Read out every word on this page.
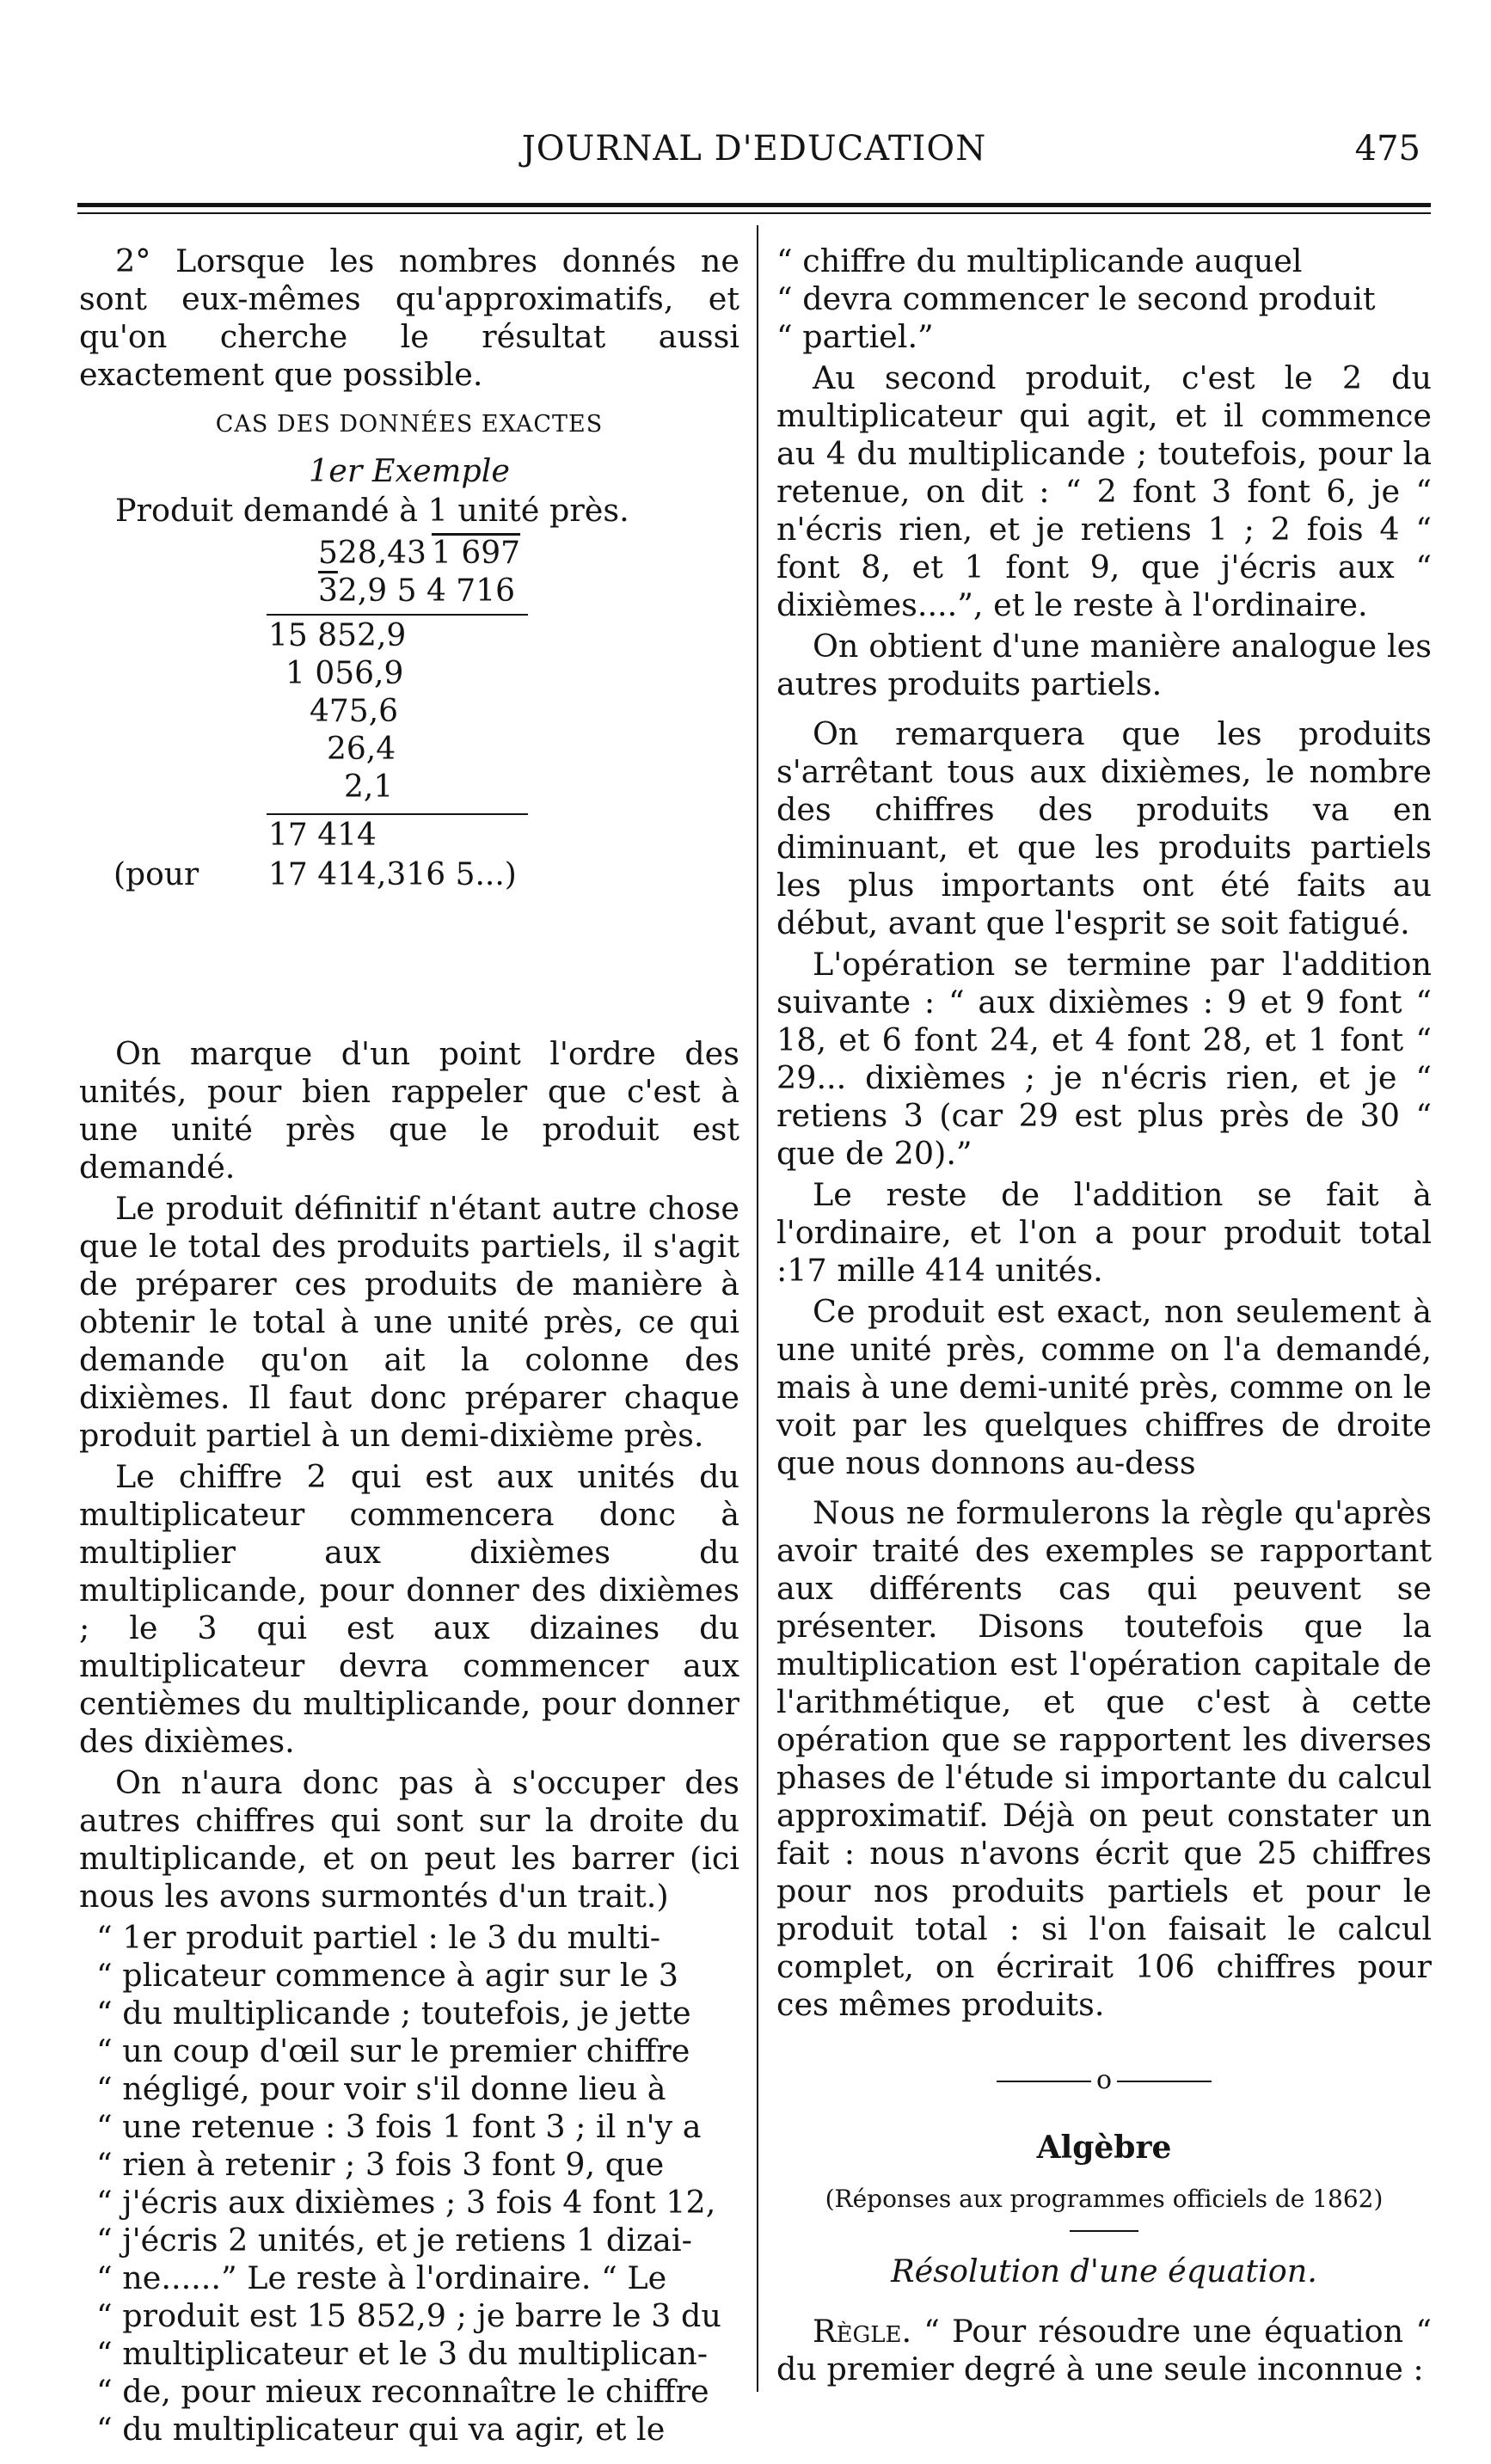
JOURNAL D'EDUCATION	475

2° Lorsque les nombres donnés ne sont eux-mêmes qu'approximatifs, et qu'on cherche le résultat aussi exactement que possible.

CAS DES DONNÉES EXACTES

1er Exemple

Produit demandé à 1 unité près.

528,43 1 697
32,9 5 4 716
15 852,9
1 056,9
475,6
26,4
2,1
17 414
(pour 17 414,316 5...)

On marque d'un point l'ordre des unités, pour bien rappeler que c'est à une unité près que le produit est demandé.

Le produit définitif n'étant autre chose que le total des produits partiels, il s'agit de préparer ces produits de manière à obtenir le total à une unité près, ce qui demande qu'on ait la colonne des dixièmes. Il faut donc préparer chaque produit partiel à un demi-dixième près.

Le chiffre 2 qui est aux unités du multiplicateur commencera donc à multiplier aux dixièmes du multiplicande, pour donner des dixièmes ; le 3 qui est aux dizaines du multiplicateur devra commencer aux centièmes du multiplicande, pour donner des dixièmes.

On n'aura donc pas à s'occuper des autres chiffres qui sont sur la droite du multiplicande, et on peut les barrer (ici nous les avons surmontés d'un trait.)

“ 1er produit partiel : le 3 du multi-

“ plicateur commence à agir sur le 3

“ du multiplicande ; toutefois, je jette

“ un coup d'œil sur le premier chiffre

“ négligé, pour voir s'il donne lieu à

“ une retenue : 3 fois 1 font 3 ; il n'y a

“ rien à retenir ; 3 fois 3 font 9, que

“ j'écris aux dixièmes ; 3 fois 4 font 12,

“ j'écris 2 unités, et je retiens 1 dizai-

“ ne......” Le reste à l'ordinaire. “ Le

“ produit est 15 852,9 ; je barre le 3 du

“ multiplicateur et le 3 du multiplican-

“ de, pour mieux reconnaître le chiffre

“ du multiplicateur qui va agir, et le

“ chiffre du multiplicande auquel

“ devra commencer le second produit

“ partiel.”

Au second produit, c'est le 2 du multiplicateur qui agit, et il commence au 4 du multiplicande ; toutefois, pour la retenue, on dit : “ 2 font 3 font 6, je “ n'écris rien, et je retiens 1 ; 2 fois 4 “ font 8, et 1 font 9, que j'écris aux “ dixièmes....”, et le reste à l'ordinaire.

On obtient d'une manière analogue les autres produits partiels.

On remarquera que les produits s'arrêtant tous aux dixièmes, le nombre des chiffres des produits va en diminuant, et que les produits partiels les plus importants ont été faits au début, avant que l'esprit se soit fatigué.

L'opération se termine par l'addition suivante : “ aux dixièmes : 9 et 9 font “ 18, et 6 font 24, et 4 font 28, et 1 font “ 29... dixièmes ; je n'écris rien, et je “ retiens 3 (car 29 est plus près de 30 “ que de 20).”

Le reste de l'addition se fait à l'ordinaire, et l'on a pour produit total :17 mille 414 unités.

Ce produit est exact, non seulement à une unité près, comme on l'a demandé, mais à une demi-unité près, comme on le voit par les quelques chiffres de droite que nous donnons au-dess

Nous ne formulerons la règle qu'après avoir traité des exemples se rapportant aux différents cas qui peuvent se présenter. Disons toutefois que la multiplication est l'opération capitale de l'arithmétique, et que c'est à cette opération que se rapportent les diverses phases de l'étude si importante du calcul approximatif. Déjà on peut constater un fait : nous n'avons écrit que 25 chiffres pour nos produits partiels et pour le produit total : si l'on faisait le calcul complet, on écrirait 106 chiffres pour ces mêmes produits.

o

Algèbre

(Réponses aux programmes officiels de 1862)

Résolution d'une équation.

Règle. “ Pour résoudre une équation “ du premier degré à une seule inconnue :
